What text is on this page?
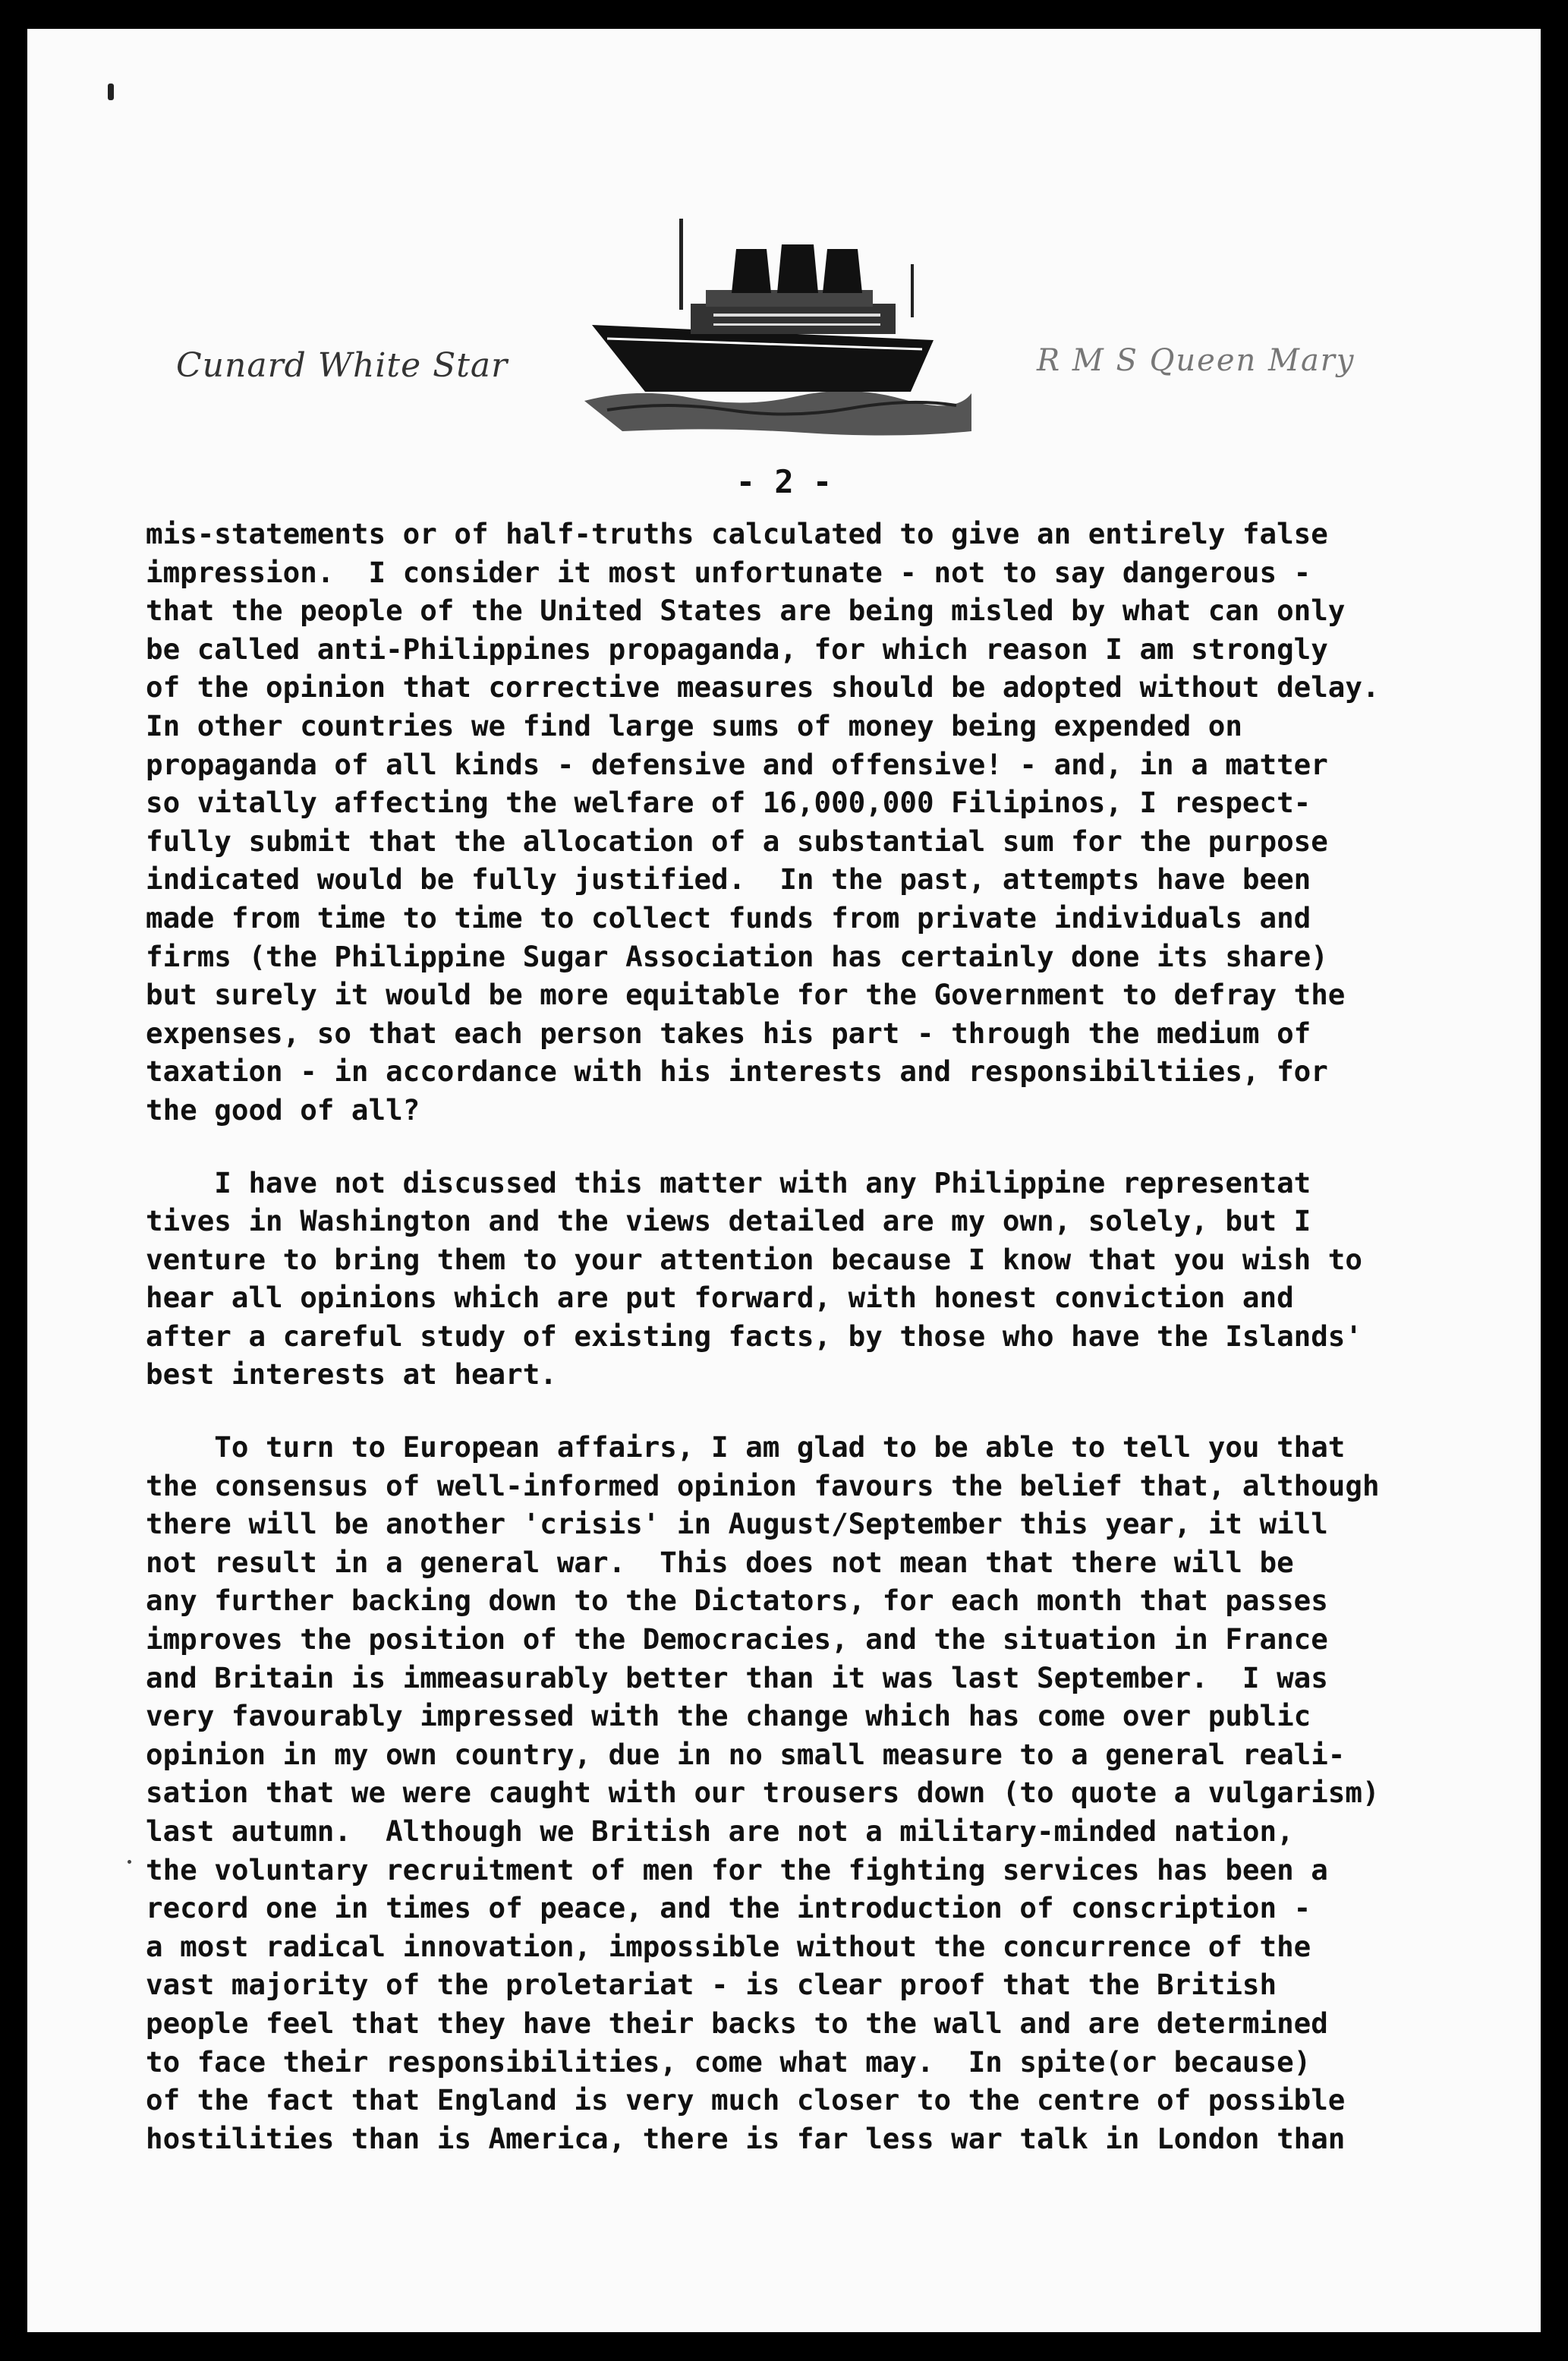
Cunard White Star	R M S Queen Mary
- 2 -
mis-statements or of half-truths calculated to give an entirely false
impression.  I consider it most unfortunate - not to say dangerous -
that the people of the United States are being misled by what can only
be called anti-Philippines propaganda, for which reason I am strongly
of the opinion that corrective measures should be adopted without delay.
In other countries we find large sums of money being expended on
propaganda of all kinds - defensive and offensive! - and, in a matter
so vitally affecting the welfare of 16,000,000 Filipinos, I respect-
fully submit that the allocation of a substantial sum for the purpose
indicated would be fully justified.  In the past, attempts have been
made from time to time to collect funds from private individuals and
firms (the Philippine Sugar Association has certainly done its share)
but surely it would be more equitable for the Government to defray the
expenses, so that each person takes his part - through the medium of
taxation - in accordance with his interests and responsibiltiies, for
the good of all?
I have not discussed this matter with any Philippine representat
tives in Washington and the views detailed are my own, solely, but I
venture to bring them to your attention because I know that you wish to
hear all opinions which are put forward, with honest conviction and
after a careful study of existing facts, by those who have the Islands'
best interests at heart.
To turn to European affairs, I am glad to be able to tell you that
the consensus of well-informed opinion favours the belief that, although
there will be another 'crisis' in August/September this year, it will
not result in a general war.  This does not mean that there will be
any further backing down to the Dictators, for each month that passes
improves the position of the Democracies, and the situation in France
and Britain is immeasurably better than it was last September.  I was
very favourably impressed with the change which has come over public
opinion in my own country, due in no small measure to a general reali-
sation that we were caught with our trousers down (to quote a vulgarism)
last autumn.  Although we British are not a military-minded nation,
the voluntary recruitment of men for the fighting services has been a
record one in times of peace, and the introduction of conscription -
a most radical innovation, impossible without the concurrence of the
vast majority of the proletariat - is clear proof that the British
people feel that they have their backs to the wall and are determined
to face their responsibilities, come what may.  In spite(or because)
of the fact that England is very much closer to the centre of possible
hostilities than is America, there is far less war talk in London than
